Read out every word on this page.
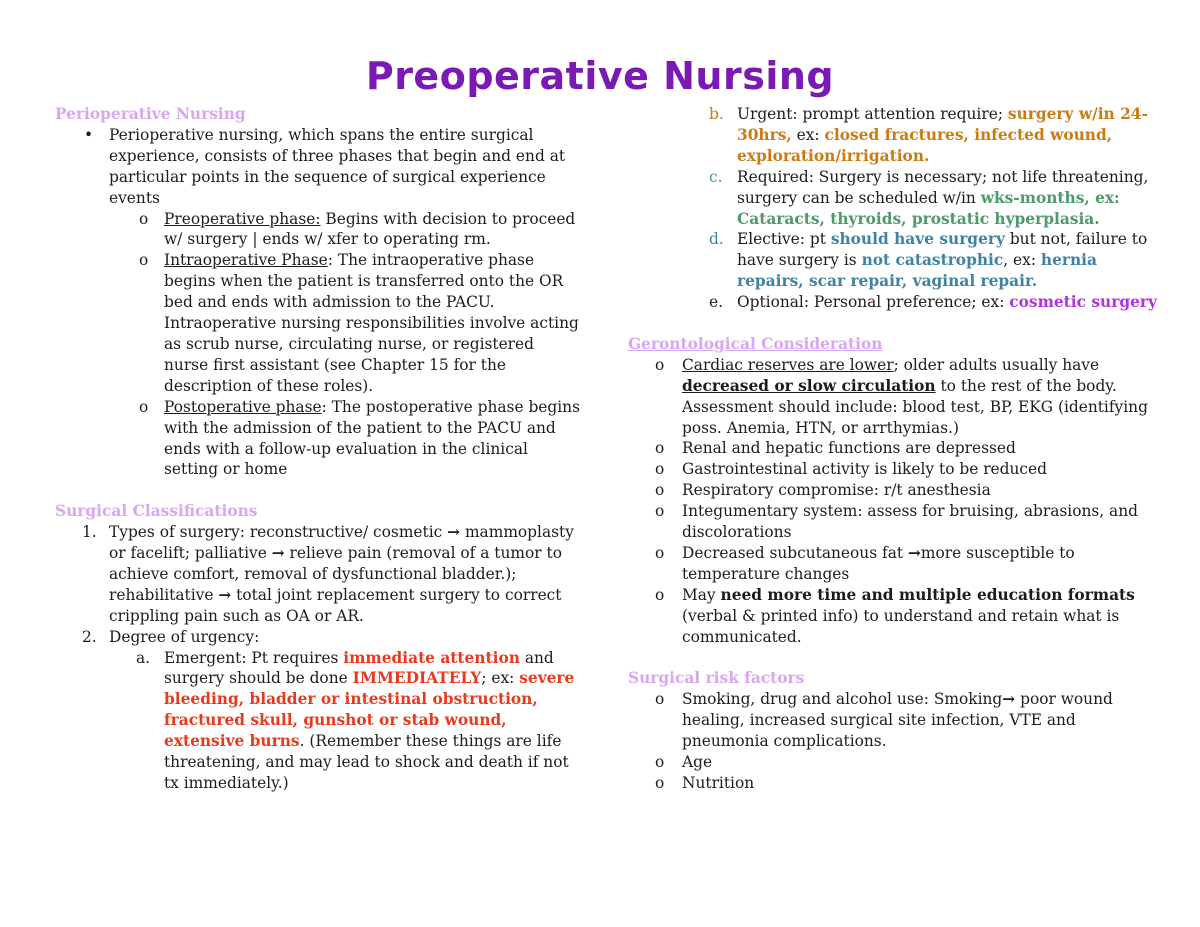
Preoperative Nursing
Perioperative Nursing
• Perioperative nursing, which spans the entire surgical experience, consists of three phases that begin and end at particular points in the sequence of surgical experience events
o Preoperative phase: Begins with decision to proceed w/ surgery | ends w/ xfer to operating rm.
o Intraoperative Phase: The intraoperative phase begins when the patient is transferred onto the OR bed and ends with admission to the PACU. Intraoperative nursing responsibilities involve acting as scrub nurse, circulating nurse, or registered nurse first assistant (see Chapter 15 for the description of these roles).
o Postoperative phase: The postoperative phase begins with the admission of the patient to the PACU and ends with a follow-up evaluation in the clinical setting or home
Surgical Classifications
1. Types of surgery: reconstructive/ cosmetic → mammoplasty or facelift; palliative → relieve pain (removal of a tumor to achieve comfort, removal of dysfunctional bladder.); rehabilitative → total joint replacement surgery to correct crippling pain such as OA or AR.
2. Degree of urgency:
a. Emergent: Pt requires immediate attention and surgery should be done IMMEDIATELY; ex: severe bleeding, bladder or intestinal obstruction, fractured skull, gunshot or stab wound, extensive burns. (Remember these things are life threatening, and may lead to shock and death if not tx immediately.)
b. Urgent: prompt attention require; surgery w/in 24-30hrs, ex: closed fractures, infected wound, exploration/irrigation.
c. Required: Surgery is necessary; not life threatening, surgery can be scheduled w/in wks-months, ex: Cataracts, thyroids, prostatic hyperplasia.
d. Elective: pt should have surgery but not, failure to have surgery is not catastrophic, ex: hernia repairs, scar repair, vaginal repair.
e. Optional: Personal preference; ex: cosmetic surgery
Gerontological Consideration
o Cardiac reserves are lower; older adults usually have decreased or slow circulation to the rest of the body. Assessment should include: blood test, BP, EKG (identifying poss. Anemia, HTN, or arrthymias.)
o Renal and hepatic functions are depressed
o Gastrointestinal activity is likely to be reduced
o Respiratory compromise: r/t anesthesia
o Integumentary system: assess for bruising, abrasions, and discolorations
o Decreased subcutaneous fat →more susceptible to temperature changes
o May need more time and multiple education formats (verbal & printed info) to understand and retain what is communicated.
Surgical risk factors
o Smoking, drug and alcohol use: Smoking→ poor wound healing, increased surgical site infection, VTE and pneumonia complications.
o Age
o Nutrition
